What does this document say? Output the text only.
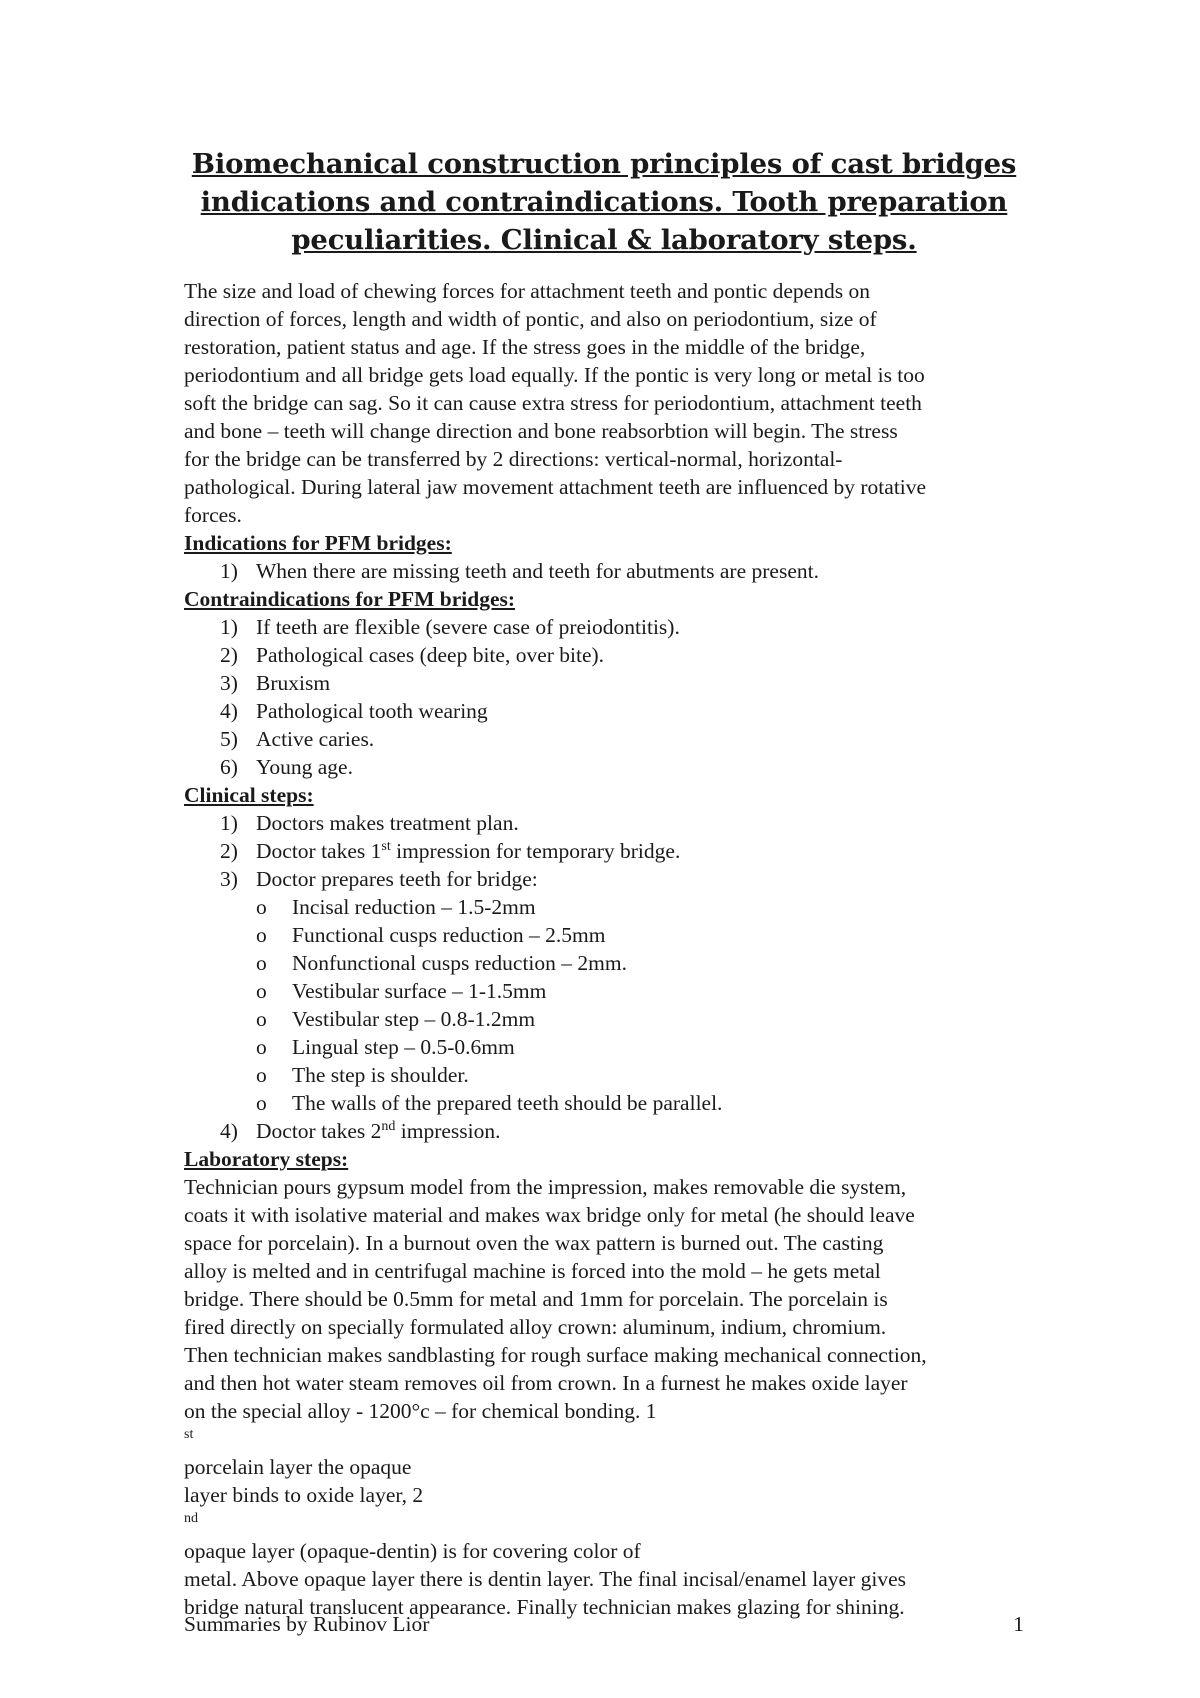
Biomechanical construction principles of cast bridges
indications and contraindications. Tooth preparation
peculiarities. Clinical & laboratory steps.

The size and load of chewing forces for attachment teeth and pontic depends on
direction of forces, length and width of pontic, and also on periodontium, size of
restoration, patient status and age. If the stress goes in the middle of the bridge,
periodontium and all bridge gets load equally. If the pontic is very long or metal is too
soft the bridge can sag. So it can cause extra stress for periodontium, attachment teeth
and bone – teeth will change direction and bone reabsorbtion will begin. The stress
for the bridge can be transferred by 2 directions: vertical-normal, horizontal-
pathological. During lateral jaw movement attachment teeth are influenced by rotative
forces.

Indications for PFM bridges:

1) When there are missing teeth and teeth for abutments are present.

Contraindications for PFM bridges:

1) If teeth are flexible (severe case of preiodontitis).
2) Pathological cases (deep bite, over bite).
3) Bruxism
4) Pathological tooth wearing
5) Active caries.
6) Young age.

Clinical steps:

1) Doctors makes treatment plan.
2) Doctor takes 1st impression for temporary bridge.
3) Doctor prepares teeth for bridge:
o Incisal reduction – 1.5-2mm
o Functional cusps reduction – 2.5mm
o Nonfunctional cusps reduction – 2mm.
o Vestibular surface – 1-1.5mm
o Vestibular step – 0.8-1.2mm
o Lingual step – 0.5-0.6mm
o The step is shoulder.
o The walls of the prepared teeth should be parallel.
4) Doctor takes 2nd impression.

Laboratory steps:

Technician pours gypsum model from the impression, makes removable die system,
coats it with isolative material and makes wax bridge only for metal (he should leave
space for porcelain). In a burnout oven the wax pattern is burned out. The casting
alloy is melted and in centrifugal machine is forced into the mold – he gets metal
bridge. There should be 0.5mm for metal and 1mm for porcelain. The porcelain is
fired directly on specially formulated alloy crown: aluminum, indium, chromium.
Then technician makes sandblasting for rough surface making mechanical connection,
and then hot water steam removes oil from crown. In a furnest he makes oxide layer
on the special alloy - 1200°c – for chemical bonding. 1
$^{st}$
porcelain layer the opaque
layer binds to oxide layer, 2
$^{nd}$
opaque layer (opaque-dentin) is for covering color of
metal. Above opaque layer there is dentin layer. The final incisal/enamel layer gives
bridge natural translucent appearance. Finally technician makes glazing for shining.

Summaries by Rubinov Lior	1
